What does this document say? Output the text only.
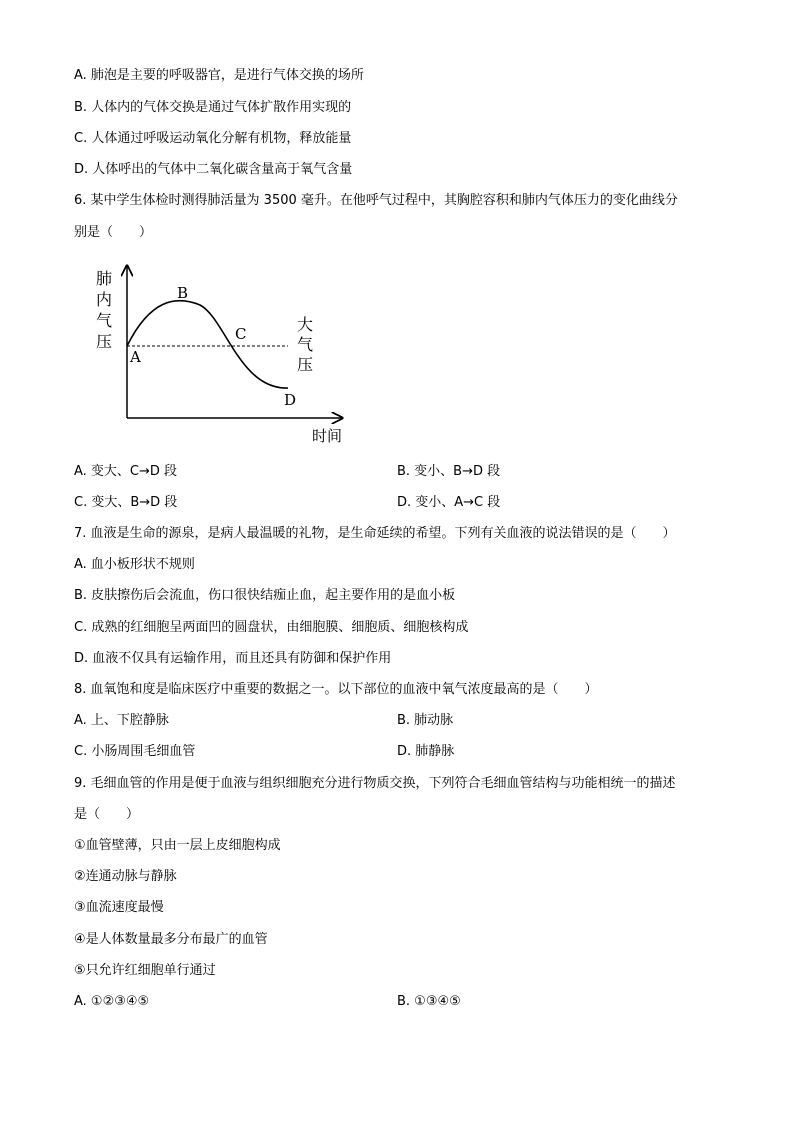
A. 肺泡是主要的呼吸器官，是进行气体交换的场所
B. 人体内的气体交换是通过气体扩散作用实现的
C. 人体通过呼吸运动氧化分解有机物，释放能量
D. 人体呼出的气体中二氧化碳含量高于氧气含量
6. 某中学生体检时测得肺活量为 3500 毫升。在他呼气过程中，其胸腔容积和肺内气体压力的变化曲线分
别是（　　）
肺
内
气
压
A
B
C
D
大
气
压
时间
A. 变大、C→D 段	B. 变小、B→D 段
C. 变大、B→D 段	D. 变小、A→C 段
7. 血液是生命的源泉，是病人最温暖的礼物，是生命延续的希望。下列有关血液的说法错误的是（　　）
A. 血小板形状不规则
B. 皮肤擦伤后会流血，伤口很快结痂止血，起主要作用的是血小板
C. 成熟的红细胞呈两面凹的圆盘状，由细胞膜、细胞质、细胞核构成
D. 血液不仅具有运输作用，而且还具有防御和保护作用
8. 血氧饱和度是临床医疗中重要的数据之一。以下部位的血液中氧气浓度最高的是（　　）
A. 上、下腔静脉	B. 肺动脉
C. 小肠周围毛细血管	D. 肺静脉
9. 毛细血管的作用是便于血液与组织细胞充分进行物质交换，下列符合毛细血管结构与功能相统一的描述
是（　　）
①血管壁薄，只由一层上皮细胞构成
②连通动脉与静脉
③血流速度最慢
④是人体数量最多分布最广的血管
⑤只允许红细胞单行通过
A. ①②③④⑤	B. ①③④⑤
